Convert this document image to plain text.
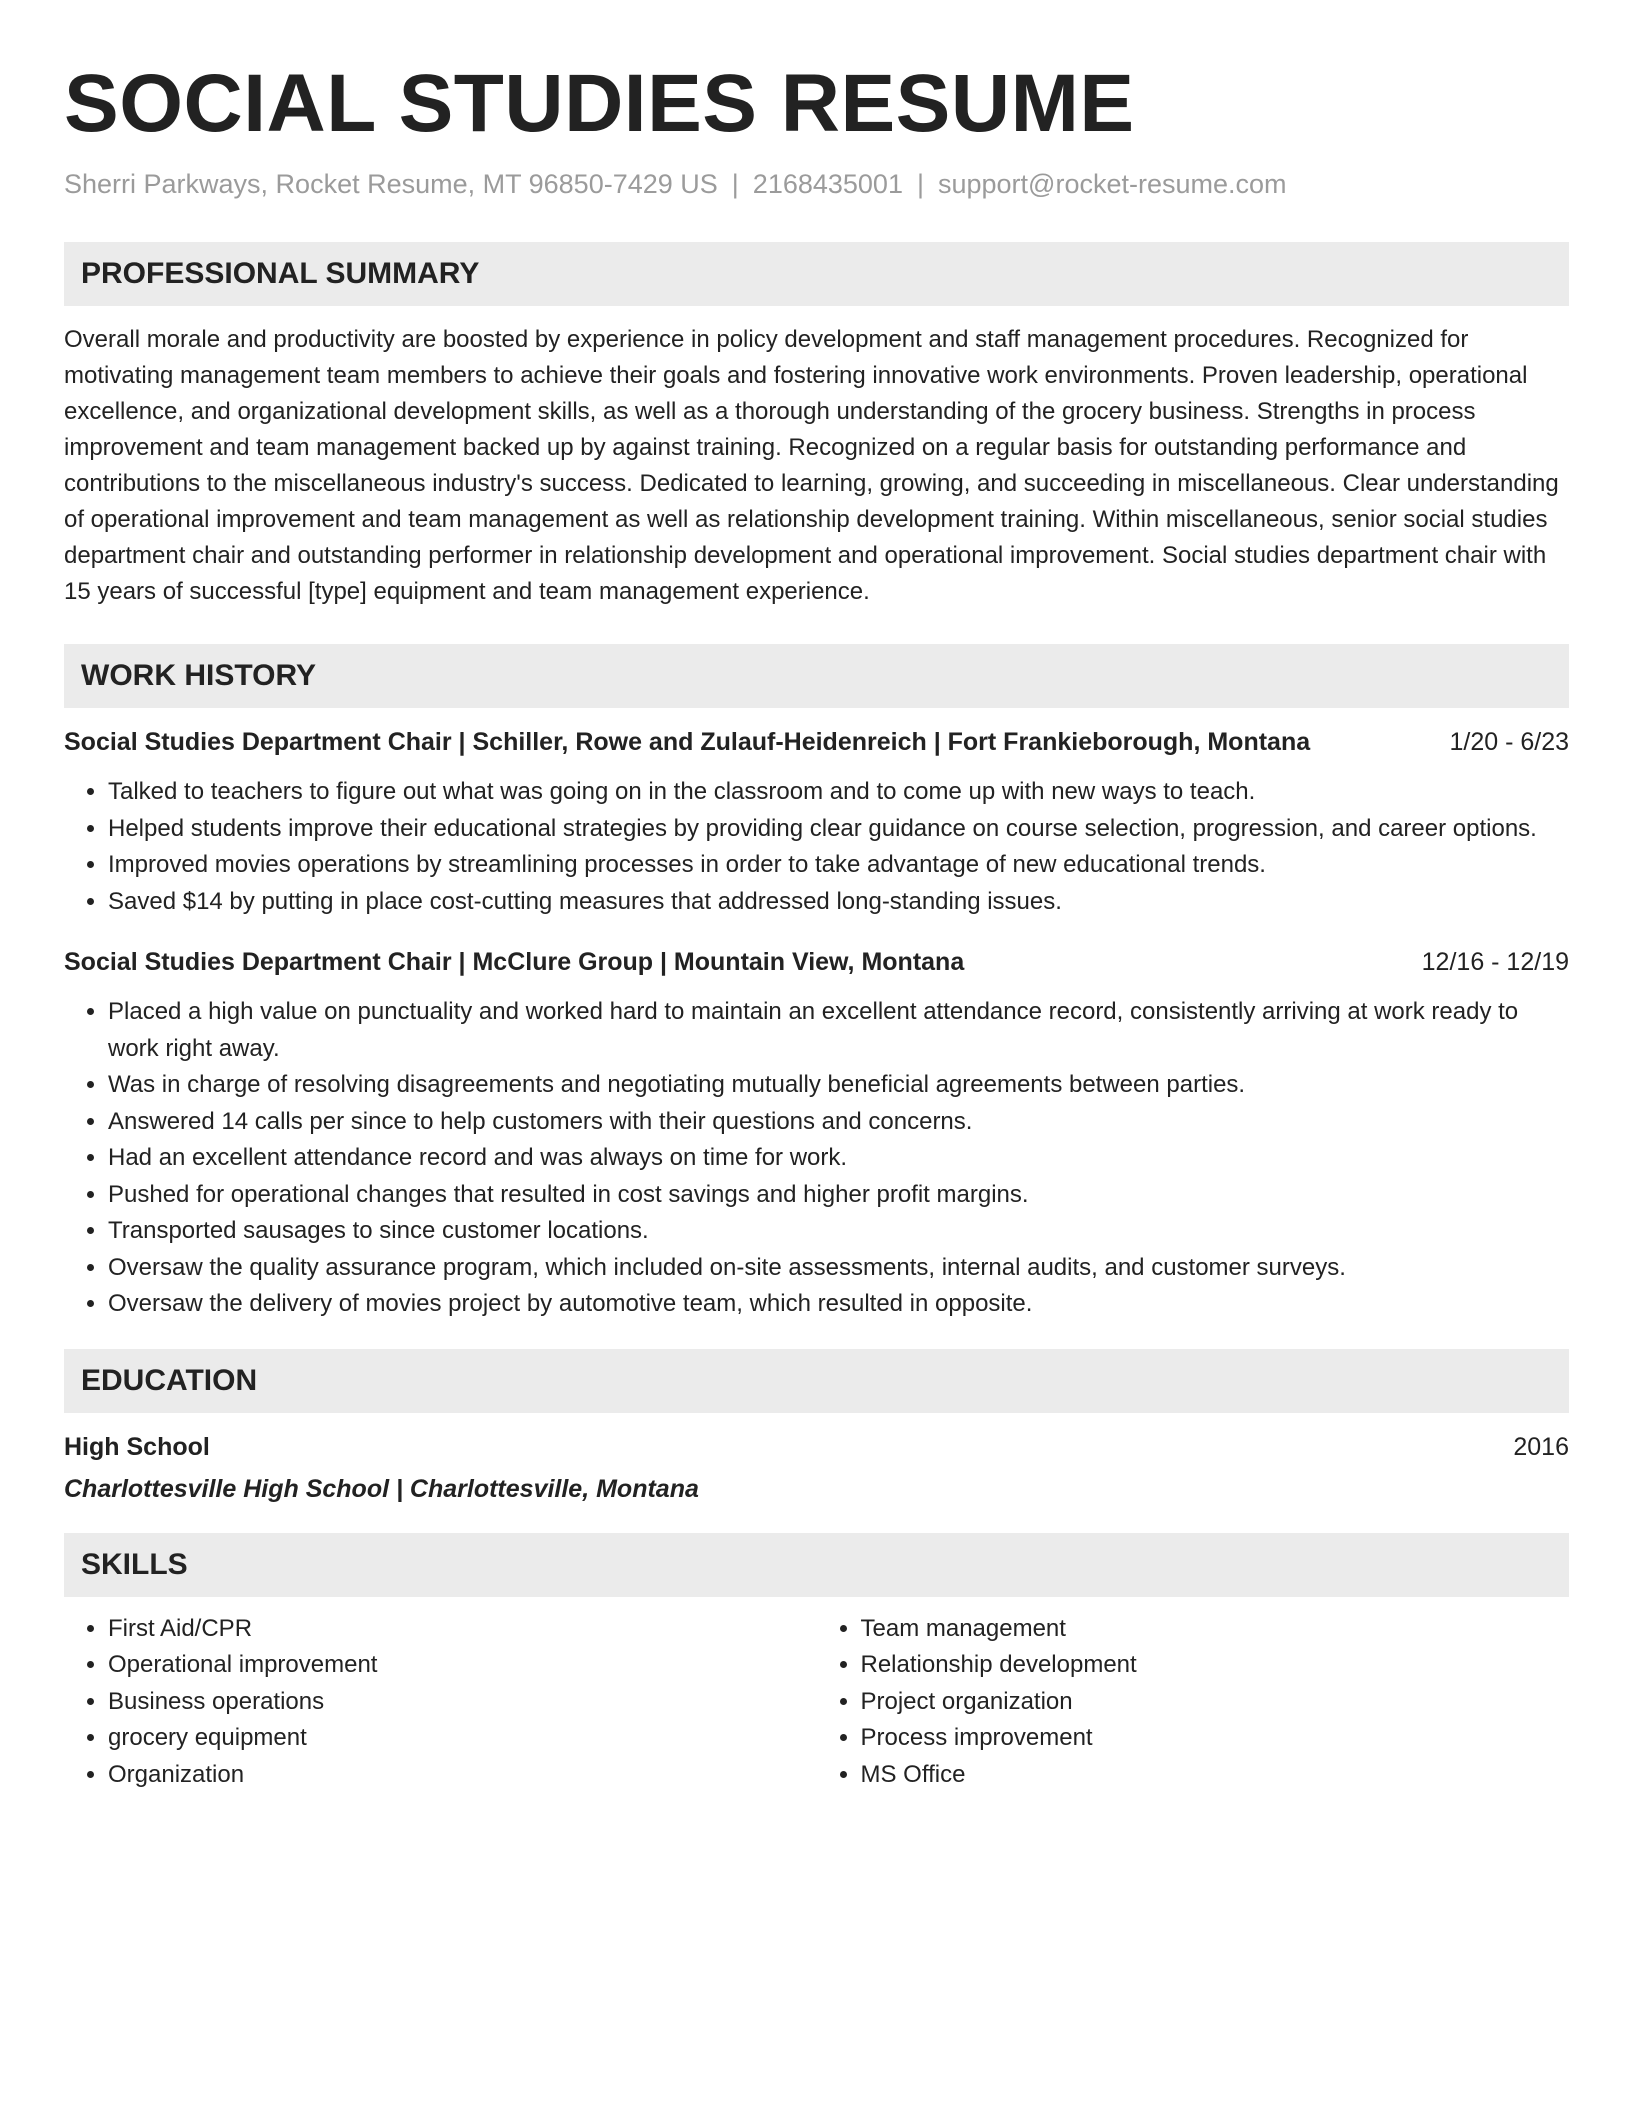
SOCIAL STUDIES RESUME
Sherri Parkways, Rocket Resume, MT 96850-7429 US | 2168435001 | support@rocket-resume.com
PROFESSIONAL SUMMARY
Overall morale and productivity are boosted by experience in policy development and staff management procedures. Recognized for motivating management team members to achieve their goals and fostering innovative work environments. Proven leadership, operational excellence, and organizational development skills, as well as a thorough understanding of the grocery business. Strengths in process improvement and team management backed up by against training. Recognized on a regular basis for outstanding performance and contributions to the miscellaneous industry's success. Dedicated to learning, growing, and succeeding in miscellaneous. Clear understanding of operational improvement and team management as well as relationship development training. Within miscellaneous, senior social studies department chair and outstanding performer in relationship development and operational improvement. Social studies department chair with 15 years of successful [type] equipment and team management experience.
WORK HISTORY
Social Studies Department Chair | Schiller, Rowe and Zulauf-Heidenreich | Fort Frankieborough, Montana	1/20 - 6/23
• Talked to teachers to figure out what was going on in the classroom and to come up with new ways to teach.
• Helped students improve their educational strategies by providing clear guidance on course selection, progression, and career options.
• Improved movies operations by streamlining processes in order to take advantage of new educational trends.
• Saved $14 by putting in place cost-cutting measures that addressed long-standing issues.
Social Studies Department Chair | McClure Group | Mountain View, Montana	12/16 - 12/19
• Placed a high value on punctuality and worked hard to maintain an excellent attendance record, consistently arriving at work ready to work right away.
• Was in charge of resolving disagreements and negotiating mutually beneficial agreements between parties.
• Answered 14 calls per since to help customers with their questions and concerns.
• Had an excellent attendance record and was always on time for work.
• Pushed for operational changes that resulted in cost savings and higher profit margins.
• Transported sausages to since customer locations.
• Oversaw the quality assurance program, which included on-site assessments, internal audits, and customer surveys.
• Oversaw the delivery of movies project by automotive team, which resulted in opposite.
EDUCATION
High School	2016
Charlottesville High School | Charlottesville, Montana
SKILLS
• First Aid/CPR
• Operational improvement
• Business operations
• grocery equipment
• Organization
• Team management
• Relationship development
• Project organization
• Process improvement
• MS Office
